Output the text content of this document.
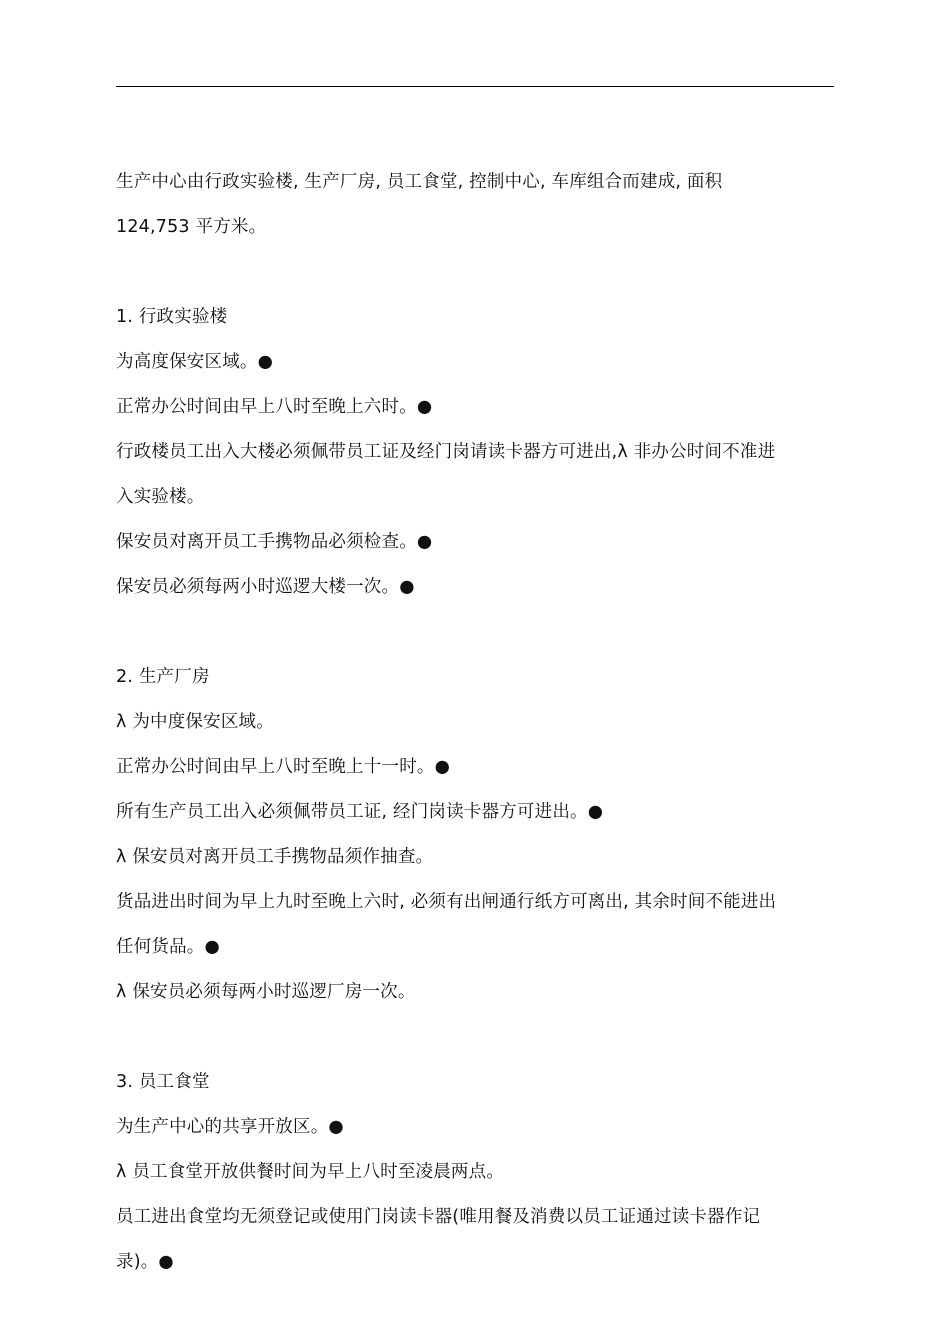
生产中心由行政实验楼, 生产厂房, 员工食堂, 控制中心, 车库组合而建成, 面积
124,753 平方米。
1. 行政实验楼
为高度保安区域。●
正常办公时间由早上八时至晚上六时。●
行政楼员工出入大楼必须佩带员工证及经门岗请读卡器方可进出,λ 非办公时间不准进
入实验楼。
保安员对离开员工手携物品必须检查。●
保安员必须每两小时巡逻大楼一次。●
2. 生产厂房
λ 为中度保安区域。
正常办公时间由早上八时至晚上十一时。●
所有生产员工出入必须佩带员工证, 经门岗读卡器方可进出。●
λ 保安员对离开员工手携物品须作抽查。
货品进出时间为早上九时至晚上六时, 必须有出闸通行纸方可离出, 其余时间不能进出
任何货品。●
λ 保安员必须每两小时巡逻厂房一次。
3. 员工食堂
为生产中心的共享开放区。●
λ 员工食堂开放供餐时间为早上八时至凌晨两点。
员工进出食堂均无须登记或使用门岗读卡器(唯用餐及消费以员工证通过读卡器作记
录)。●
